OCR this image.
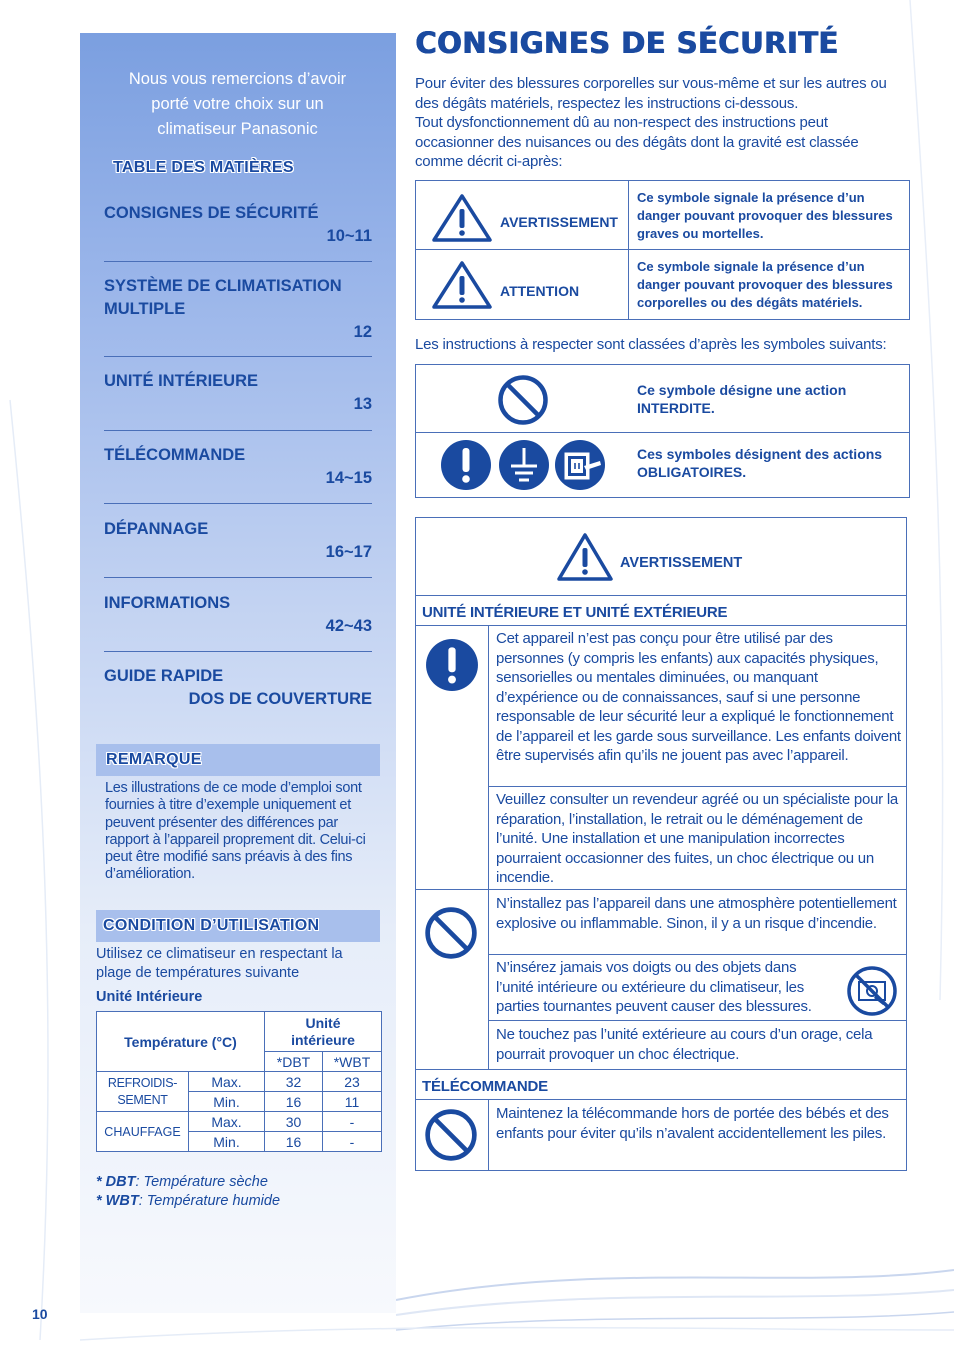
Nous vous remercions d’avoir porté votre choix sur un climatiseur Panasonic
TABLE DES MATIÈRES
CONSIGNES DE SÉCURITÉ
10~11
SYSTÈME DE CLIMATISATION MULTIPLE
12
UNITÉ INTÉRIEURE
13
TÉLÉCOMMANDE
14~15
DÉPANNAGE
16~17
INFORMATIONS
42~43
GUIDE RAPIDE
DOS DE COUVERTURE
REMARQUE
Les illustrations de ce mode d’emploi sont fournies à titre d’exemple uniquement et peuvent présenter des différences par rapport à l’appareil proprement dit. Celui-ci peut être modifié sans préavis à des fins d’amélioration.
CONDITION D’UTILISATION
Utilisez ce climatiseur en respectant la plage de températures suivante
Unité Intérieure
Température (°C)		Unité intérieure	
		*DBT	*WBT
REFROIDIS-SEMENT	Max.	32	23
	Min.	16	11
CHAUFFAGE	Max.	30	-
	Min.	16	-
* DBT: Température sèche
* WBT: Température humide
CONSIGNES DE SÉCURITÉ

Pour éviter des blessures corporelles sur vous-même et sur les autres ou des dégâts matériels, respectez les instructions ci-dessous.
Tout dysfonctionnement dû au non-respect des instructions peut occasionner des nuisances ou des dégâts dont la gravité est classée comme décrit ci-après:

AVERTISSEMENT
Ce symbole signale la présence d’un danger pouvant provoquer des blessures graves ou mortelles.
ATTENTION
Ce symbole signale la présence d’un danger pouvant provoquer des blessures corporelles ou des dégâts matériels.

Les instructions à respecter sont classées d’après les symboles suivants:

Ce symbole désigne une action INTERDITE.
Ces symboles désignent des actions OBLIGATOIRES.
AVERTISSEMENT
UNITÉ INTÉRIEURE ET UNITÉ EXTÉRIEURE
Cet appareil n’est pas conçu pour être utilisé par des personnes (y compris les enfants) aux capacités physiques, sensorielles ou mentales diminuées, ou manquant d’expérience ou de connaissances, sauf si une personne responsable de leur sécurité leur a expliqué le fonctionnement de l’appareil et les garde sous surveillance. Les enfants doivent être supervisés afin qu’ils ne jouent pas avec l’appareil.
Veuillez consulter un revendeur agréé ou un spécialiste pour la réparation, l’installation, le retrait ou le déménagement de l’unité. Une installation et une manipulation incorrectes pourraient occasionner des fuites, un choc électrique ou un incendie.
N’installez pas l’appareil dans une atmosphère potentiellement explosive ou inflammable. Sinon, il y a un risque d’incendie.
N’insérez jamais vos doigts ou des objets dans l’unité intérieure ou extérieure du climatiseur, les parties tournantes peuvent causer des blessures.
Ne touchez pas l’unité extérieure au cours d’un orage, cela pourrait provoquer un choc électrique.
TÉLÉCOMMANDE
Maintenez la télécommande hors de portée des bébés et des enfants pour éviter qu’ils n’avalent accidentellement les piles.
10
